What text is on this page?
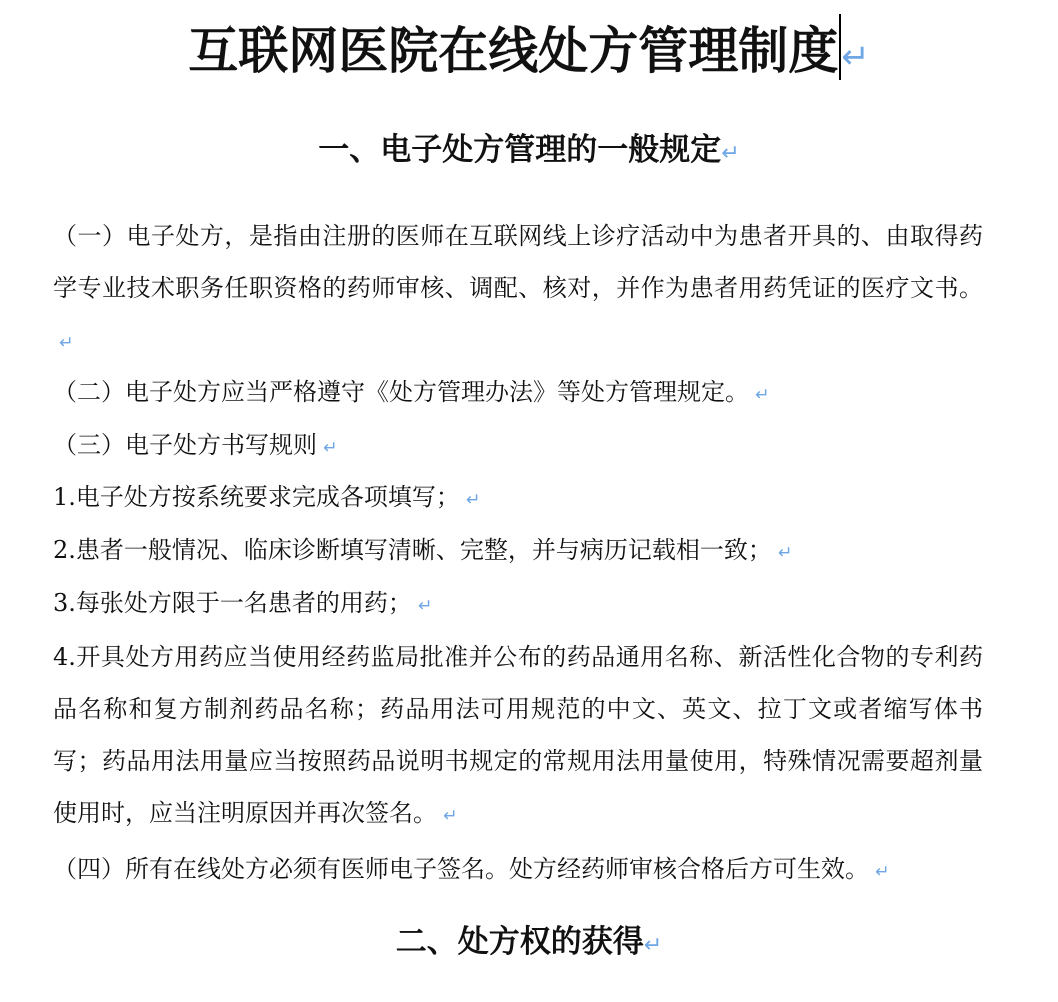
互联网医院在线处方管理制度↵
一、电子处方管理的一般规定↵
（一）电子处方，是指由注册的医师在互联网线上诊疗活动中为患者开具的、由取得药学专业技术职务任职资格的药师审核、调配、核对，并作为患者用药凭证的医疗文书。↵
（二）电子处方应当严格遵守《处方管理办法》等处方管理规定。 ↵
（三）电子处方书写规则 ↵
1.电子处方按系统要求完成各项填写； ↵
2.患者一般情况、临床诊断填写清晰、完整，并与病历记载相一致； ↵
3.每张处方限于一名患者的用药； ↵
4.开具处方用药应当使用经药监局批准并公布的药品通用名称、新活性化合物的专利药品名称和复方制剂药品名称；药品用法可用规范的中文、英文、拉丁文或者缩写体书写；药品用法用量应当按照药品说明书规定的常规用法用量使用，特殊情况需要超剂量使用时，应当注明原因并再次签名。 ↵
（四）所有在线处方必须有医师电子签名。处方经药师审核合格后方可生效。 ↵
二、处方权的获得↵
